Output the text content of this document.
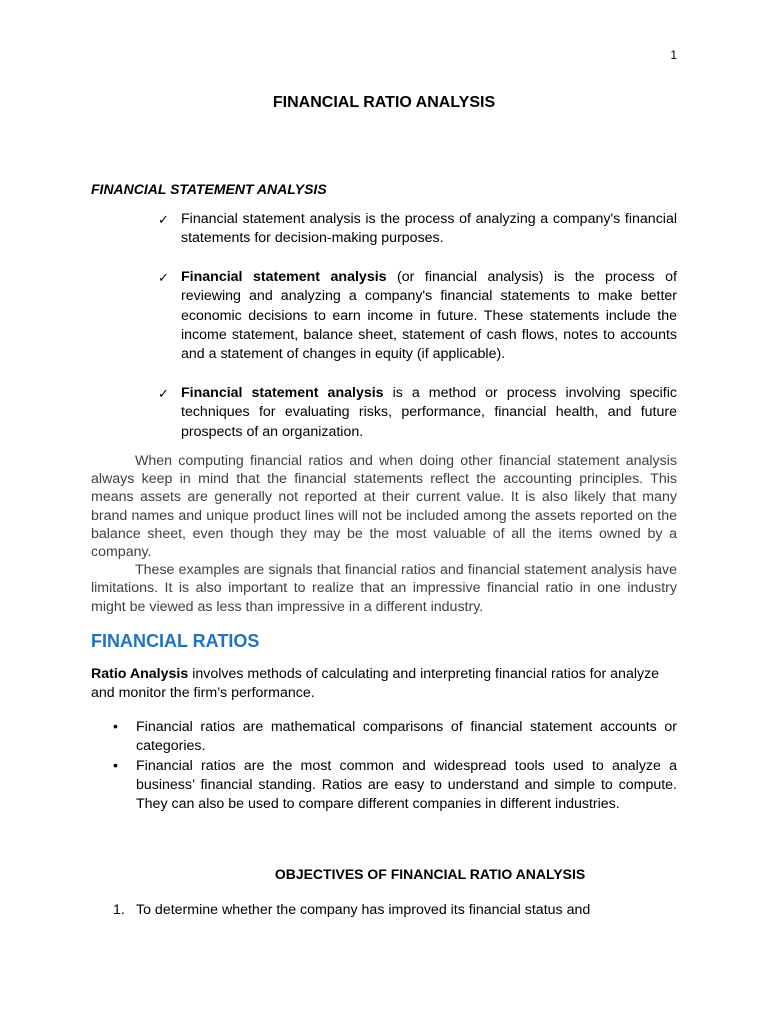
1
FINANCIAL RATIO ANALYSIS
FINANCIAL STATEMENT ANALYSIS
✓ Financial statement analysis is the process of analyzing a company's financial statements for decision-making purposes.
✓ Financial statement analysis (or financial analysis) is the process of reviewing and analyzing a company's financial statements to make better economic decisions to earn income in future. These statements include the income statement, balance sheet, statement of cash flows, notes to accounts and a statement of changes in equity (if applicable).
✓ Financial statement analysis is a method or process involving specific techniques for evaluating risks, performance, financial health, and future prospects of an organization.

When computing financial ratios and when doing other financial statement analysis always keep in mind that the financial statements reflect the accounting principles. This means assets are generally not reported at their current value. It is also likely that many brand names and unique product lines will not be included among the assets reported on the balance sheet, even though they may be the most valuable of all the items owned by a company.

These examples are signals that financial ratios and financial statement analysis have limitations. It is also important to realize that an impressive financial ratio in one industry might be viewed as less than impressive in a different industry.

FINANCIAL RATIOS
Ratio Analysis involves methods of calculating and interpreting financial ratios for analyze and monitor the firm’s performance.
• Financial ratios are mathematical comparisons of financial statement accounts or categories.
• Financial ratios are the most common and widespread tools used to analyze a business’ financial standing. Ratios are easy to understand and simple to compute. They can also be used to compare different companies in different industries.
OBJECTIVES OF FINANCIAL RATIO ANALYSIS
1. To determine whether the company has improved its financial status and
